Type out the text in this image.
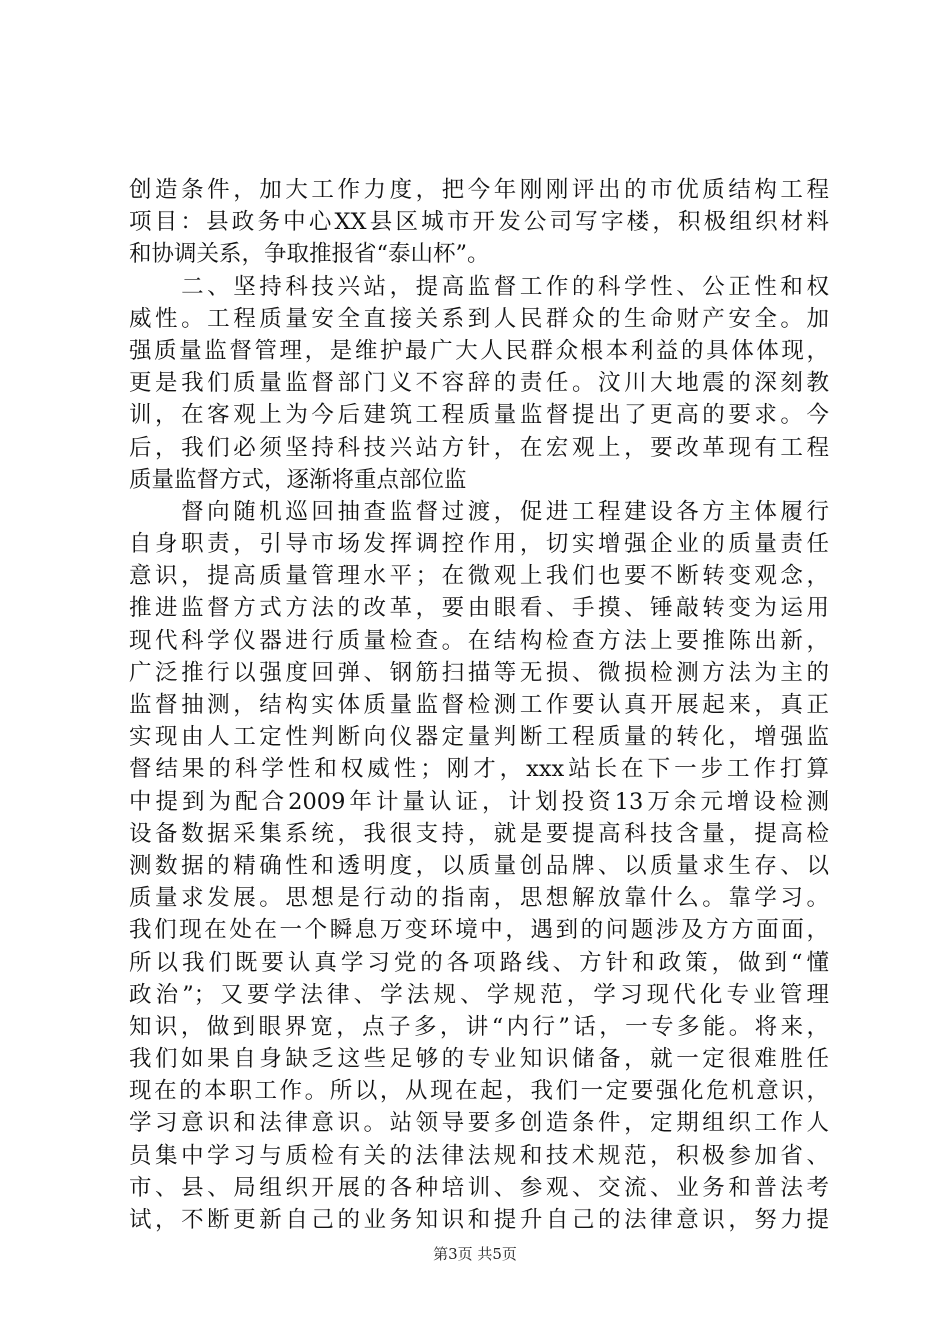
创造条件，加大工作力度，把今年刚刚评出的市优质结构工程
项目：县政务中心XX县区城市开发公司写字楼，积极组织材料
和协调关系，争取推报省“泰山杯”。
　　二、坚持科技兴站，提高监督工作的科学性、公正性和权
威性。工程质量安全直接关系到人民群众的生命财产安全。加
强质量监督管理，是维护最广大人民群众根本利益的具体体现，
更是我们质量监督部门义不容辞的责任。汶川大地震的深刻教
训，在客观上为今后建筑工程质量监督提出了更高的要求。今
后，我们必须坚持科技兴站方针，在宏观上，要改革现有工程
质量监督方式，逐渐将重点部位监
　　督向随机巡回抽查监督过渡，促进工程建设各方主体履行
自身职责，引导市场发挥调控作用，切实增强企业的质量责任
意识，提高质量管理水平；在微观上我们也要不断转变观念，
推进监督方式方法的改革，要由眼看、手摸、锤敲转变为运用
现代科学仪器进行质量检查。在结构检查方法上要推陈出新，
广泛推行以强度回弹、钢筋扫描等无损、微损检测方法为主的
监督抽测，结构实体质量监督检测工作要认真开展起来，真正
实现由人工定性判断向仪器定量判断工程质量的转化，增强监
督结果的科学性和权威性；刚才，xxx站长在下一步工作打算
中提到为配合2009年计量认证，计划投资13万余元增设检测
设备数据采集系统，我很支持，就是要提高科技含量，提高检
测数据的精确性和透明度，以质量创品牌、以质量求生存、以
质量求发展。思想是行动的指南，思想解放靠什么。靠学习。
我们现在处在一个瞬息万变环境中，遇到的问题涉及方方面面，
所以我们既要认真学习党的各项路线、方针和政策，做到“懂
政治”；又要学法律、学法规、学规范，学习现代化专业管理
知识，做到眼界宽，点子多，讲“内行”话，一专多能。将来，
我们如果自身缺乏这些足够的专业知识储备，就一定很难胜任
现在的本职工作。所以，从现在起，我们一定要强化危机意识，
学习意识和法律意识。站领导要多创造条件，定期组织工作人
员集中学习与质检有关的法律法规和技术规范，积极参加省、
市、县、局组织开展的各种培训、参观、交流、业务和普法考
试，不断更新自己的业务知识和提升自己的法律意识，努力提
第3页 共5页
